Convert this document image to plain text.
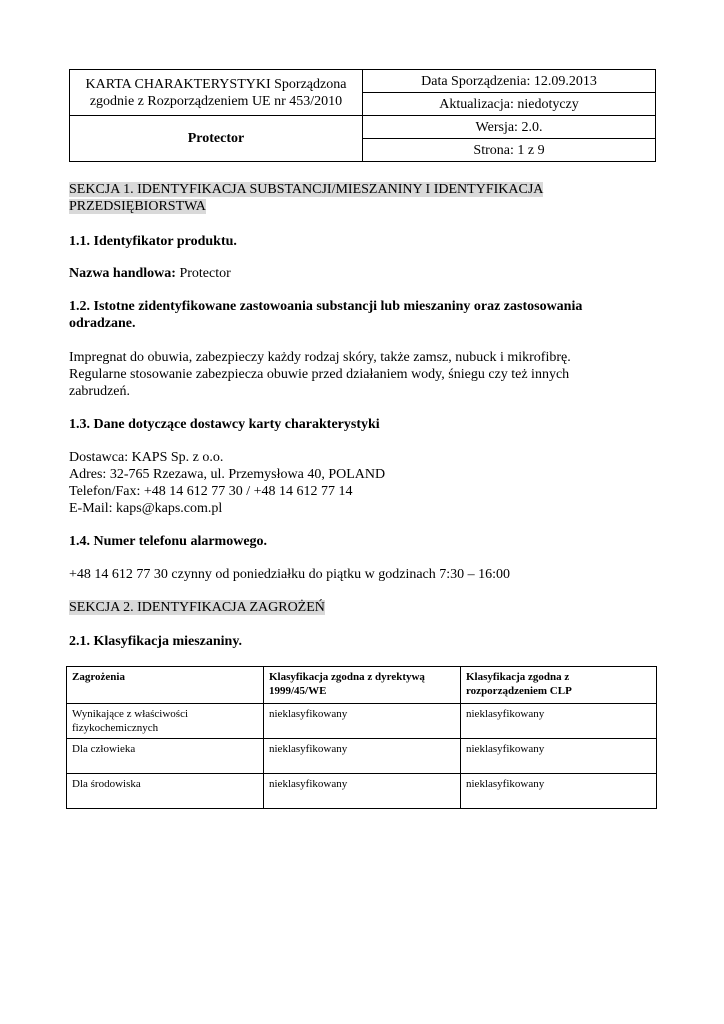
KARTA CHARAKTERYSTYKI Sporządzona
zgodnie z Rozporządzeniem UE nr 453/2010	Data Sporządzenia: 12.09.2013
	Aktualizacja: niedotyczy
Protector	Wersja: 2.0.
	Strona: 1 z 9
SEKCJA 1. IDENTYFIKACJA SUBSTANCJI/MIESZANINY I IDENTYFIKACJA
PRZEDSIĘBIORSTWA
1.1. Identyfikator produktu.
Nazwa handlowa: Protector
1.2. Istotne zidentyfikowane zastowoania substancji lub mieszaniny oraz zastosowania
odradzane.
Impregnat do obuwia, zabezpieczy każdy rodzaj skóry, także zamsz, nubuck i mikrofibrę.
Regularne stosowanie zabezpiecza obuwie przed działaniem wody, śniegu czy też innych
zabrudzeń.
1.3. Dane dotyczące dostawcy karty charakterystyki
Dostawca: KAPS Sp. z o.o.
Adres: 32-765 Rzezawa, ul. Przemysłowa 40, POLAND
Telefon/Fax: +48 14 612 77 30 / +48 14 612 77 14
E-Mail: kaps@kaps.com.pl
1.4. Numer telefonu alarmowego.
+48 14 612 77 30 czynny od poniedziałku do piątku w godzinach 7:30 – 16:00
SEKCJA 2. IDENTYFIKACJA ZAGROŻEŃ
2.1. Klasyfikacja mieszaniny.
Zagrożenia	Klasyfikacja zgodna z dyrektywą 1999/45/WE	Klasyfikacja zgodna z rozporządzeniem CLP
Wynikające z właściwości fizykochemicznych	nieklasyfikowany	nieklasyfikowany
Dla człowieka	nieklasyfikowany	nieklasyfikowany
Dla środowiska	nieklasyfikowany	nieklasyfikowany
